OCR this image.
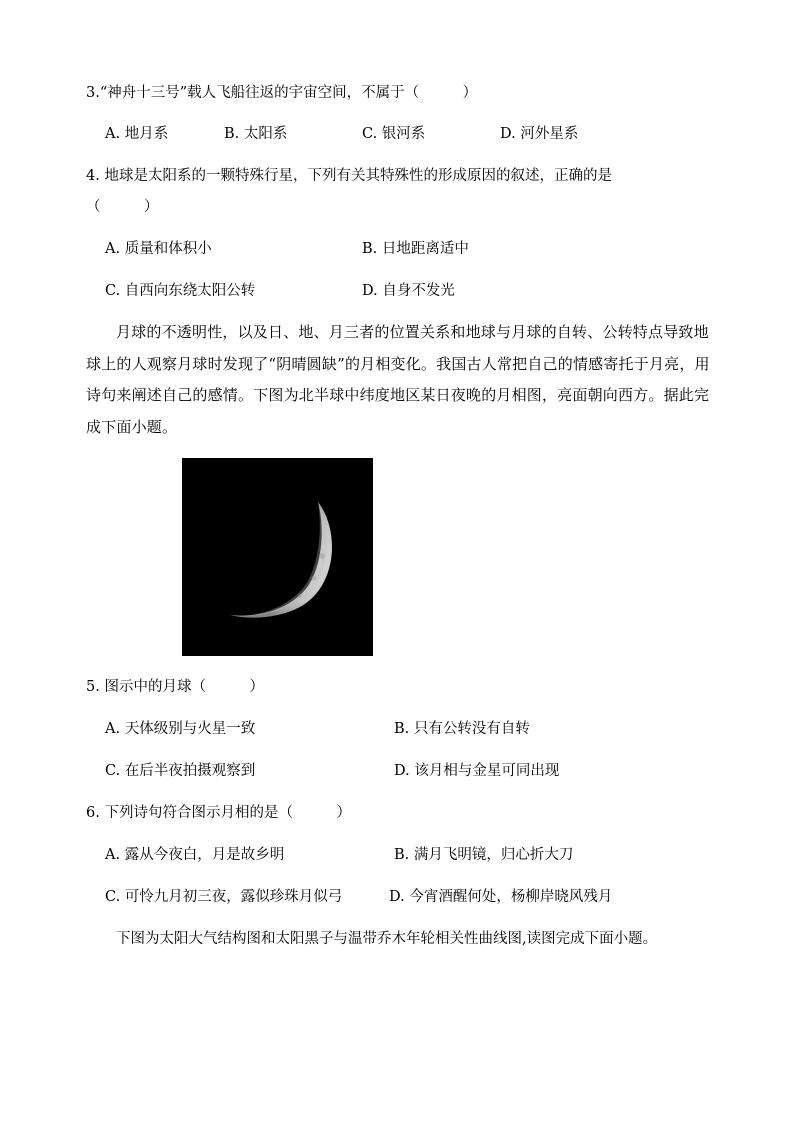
3.“神舟十三号”载人飞船往返的宇宙空间，不属于（　　　）
A. 地月系	B. 太阳系	C. 银河系	D. 河外星系
4. 地球是太阳系的一颗特殊行星，下列有关其特殊性的形成原因的叙述，正确的是
（　　　）
A. 质量和体积小	B. 日地距离适中
C. 自西向东绕太阳公转	D. 自身不发光
月球的不透明性，以及日、地、月三者的位置关系和地球与月球的自转、公转特点导致地球上的人观察月球时发现了“阴晴圆缺”的月相变化。我国古人常把自己的情感寄托于月亮，用诗句来阐述自己的感情。下图为北半球中纬度地区某日夜晚的月相图，亮面朝向西方。据此完成下面小题。
5. 图示中的月球（　　　）
A. 天体级别与火星一致	B. 只有公转没有自转
C. 在后半夜拍摄观察到	D. 该月相与金星可同出现
6. 下列诗句符合图示月相的是（　　　）
A. 露从今夜白，月是故乡明	B. 满月飞明镜，归心折大刀
C. 可怜九月初三夜，露似珍珠月似弓	D. 今宵酒醒何处，杨柳岸晓风残月
下图为太阳大气结构图和太阳黑子与温带乔木年轮相关性曲线图,读图完成下面小题。
